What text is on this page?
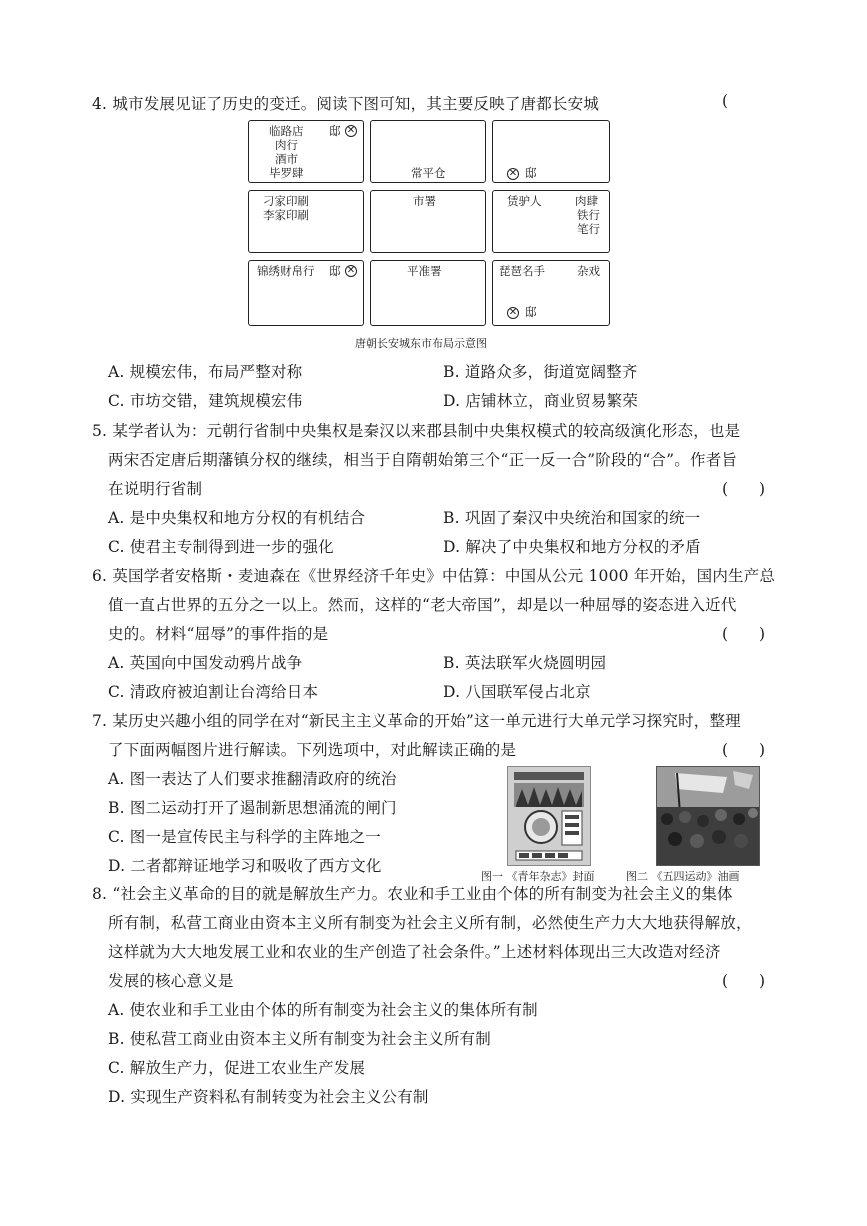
4. 城市发展见证了历史的变迁。阅读下图可知，其主要反映了唐都长安城	(
临路店 邸 ✕
肉行
酒市
毕罗肆	常平仓	✕ 邸
刁家印刷
李家印刷
市署	赁驴人	肉肆
铁行
笔行
锦绣财帛行 邸 ✕	平准署	琵琶名手	杂戏
✕ 邸
唐朝长安城东市布局示意图
A. 规模宏伟，布局严整对称	B. 道路众多，街道宽阔整齐
C. 市坊交错，建筑规模宏伟	D. 店铺林立，商业贸易繁荣
5. 某学者认为：元朝行省制中央集权是秦汉以来郡县制中央集权模式的较高级演化形态，也是
两宋否定唐后期藩镇分权的继续，相当于自隋朝始第三个“正一反一合”阶段的“合”。作者旨
在说明行省制	(　　)
A. 是中央集权和地方分权的有机结合	B. 巩固了秦汉中央统治和国家的统一
C. 使君主专制得到进一步的强化	D. 解决了中央集权和地方分权的矛盾
6. 英国学者安格斯・麦迪森在《世界经济千年史》中估算：中国从公元 1000 年开始，国内生产总
值一直占世界的五分之一以上。然而，这样的“老大帝国”，却是以一种屈辱的姿态进入近代
史的。材料“屈辱”的事件指的是	(　　)
A. 英国向中国发动鸦片战争	B. 英法联军火烧圆明园
C. 清政府被迫割让台湾给日本	D. 八国联军侵占北京
7. 某历史兴趣小组的同学在对“新民主主义革命的开始”这一单元进行大单元学习探究时，整理
了下面两幅图片进行解读。下列选项中，对此解读正确的是	(　　)
A. 图一表达了人们要求推翻清政府的统治
B. 图二运动打开了遏制新思想涌流的闸门
C. 图一是宣传民主与科学的主阵地之一
D. 二者都辩证地学习和吸收了西方文化
图一 《青年杂志》封面	图二 《五四运动》油画
8. “社会主义革命的目的就是解放生产力。农业和手工业由个体的所有制变为社会主义的集体
所有制，私营工商业由资本主义所有制变为社会主义所有制，必然使生产力大大地获得解放，
这样就为大大地发展工业和农业的生产创造了社会条件。”上述材料体现出三大改造对经济
发展的核心意义是	(　　)
A. 使农业和手工业由个体的所有制变为社会主义的集体所有制
B. 使私营工商业由资本主义所有制变为社会主义所有制
C. 解放生产力，促进工农业生产发展
D. 实现生产资料私有制转变为社会主义公有制
